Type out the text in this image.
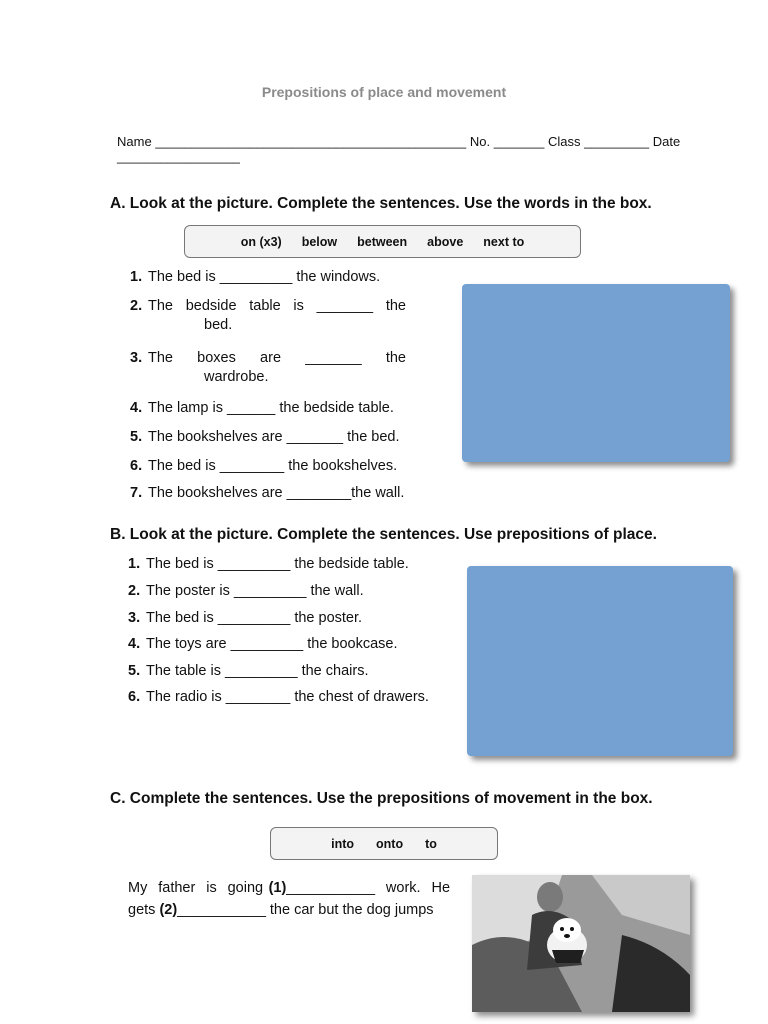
Prepositions of place and movement
Name ___________________________________________ No. _______ Class _________ Date _________________
A. Look at the picture. Complete the sentences. Use the words in the box.
on (x3) below between above next to
1. The bed is _________ the windows.
2. The  bedside  table  is  _______  the
bed.
3. The    boxes    are    _______    the
wardrobe.
4. The lamp is ______ the bedside table.
5. The bookshelves are _______ the bed.
6. The bed is ________ the bookshelves.
7. The bookshelves are ________the wall.
B. Look at the picture. Complete the sentences. Use prepositions of place.
1. The bed is _________ the bedside table.
2. The poster is _________ the wall.
3. The bed is _________ the poster.
4. The toys are _________ the bookcase.
5. The table is _________ the chairs.
6. The radio is ________ the chest of drawers.
C. Complete the sentences. Use the prepositions of movement in the box.
into onto to
My  father  is  going (1)___________  work.  He
gets (2)___________ the car but the dog jumps
